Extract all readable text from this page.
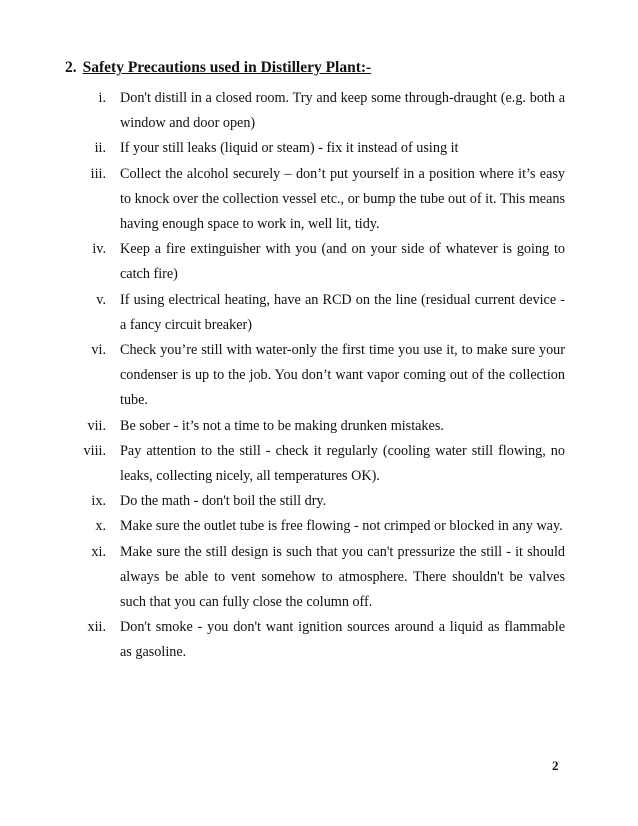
2. Safety Precautions used in Distillery Plant:-
i. Don't distill in a closed room. Try and keep some through-draught (e.g. both a window and door open)
ii. If your still leaks (liquid or steam) - fix it instead of using it
iii. Collect the alcohol securely – don’t put yourself in a position where it’s easy to knock over the collection vessel etc., or bump the tube out of it. This means having enough space to work in, well lit, tidy.
iv. Keep a fire extinguisher with you (and on your side of whatever is going to catch fire)
v. If using electrical heating, have an RCD on the line (residual current device - a fancy circuit breaker)
vi. Check you’re still with water-only the first time you use it, to make sure your condenser is up to the job. You don’t want vapor coming out of the collection tube.
vii. Be sober - it’s not a time to be making drunken mistakes.
viii. Pay attention to the still - check it regularly (cooling water still flowing, no leaks, collecting nicely, all temperatures OK).
ix. Do the math - don't boil the still dry.
x. Make sure the outlet tube is free flowing - not crimped or blocked in any way.
xi. Make sure the still design is such that you can't pressurize the still - it should always be able to vent somehow to atmosphere. There shouldn't be valves such that you can fully close the column off.
xii. Don't smoke - you don't want ignition sources around a liquid as flammable as gasoline.
2
